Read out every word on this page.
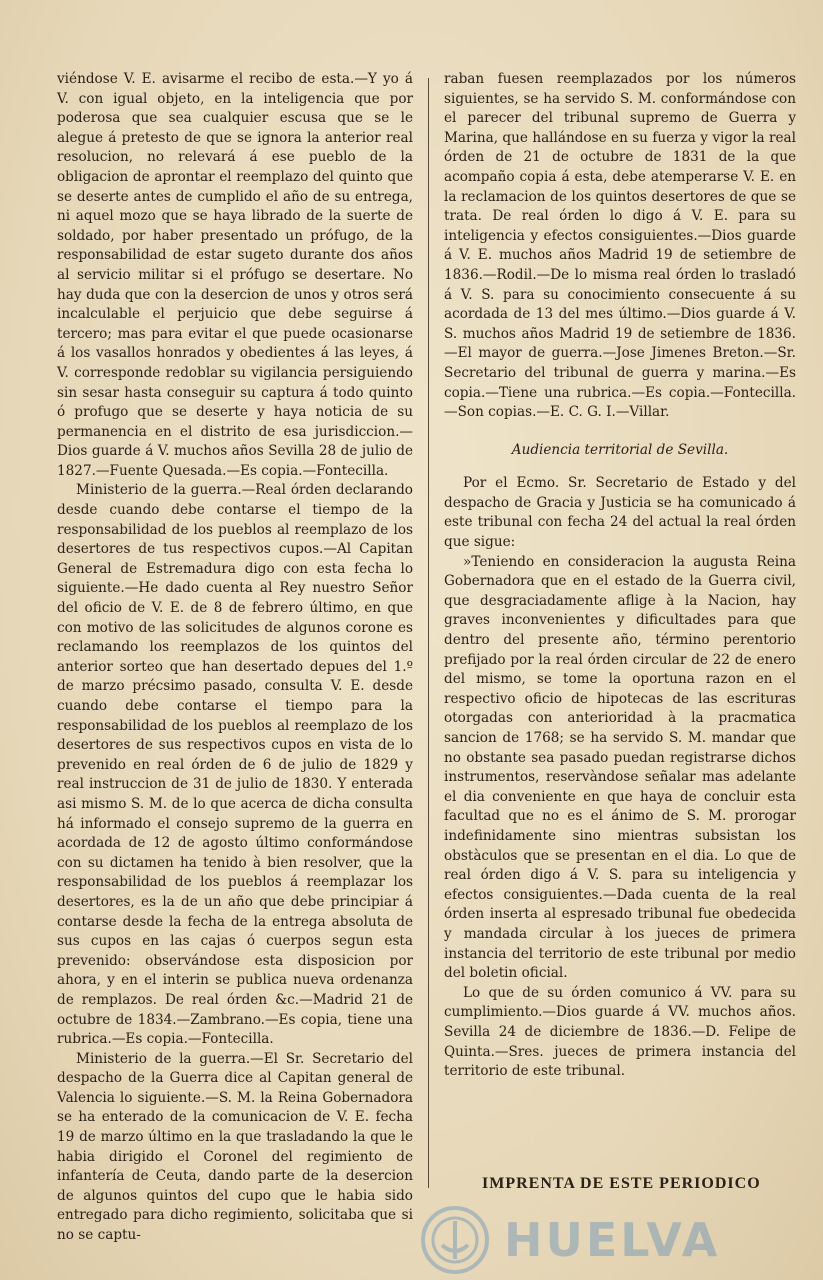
viéndose V. E. avisarme el recibo de esta.—Y yo á V. con igual objeto, en la inteligencia que por poderosa que sea cualquier escusa que se le alegue á pretesto de que se ignora la anterior real resolucion, no relevará á ese pueblo de la obligacion de aprontar el reemplazo del quinto que se deserte antes de cumplido el año de su entrega, ni aquel mozo que se haya librado de la suerte de soldado, por haber presentado un prófugo, de la responsabilidad de estar sugeto durante dos años al servicio militar si el prófugo se desertare. No hay duda que con la desercion de unos y otros será incalculable el perjuicio que debe seguirse á tercero; mas para evitar el que puede ocasionarse á los vasallos honrados y obedientes á las leyes, á V. corresponde redoblar su vigilancia persiguiendo sin sesar hasta conseguir su captura á todo quinto ó profugo que se deserte y haya noticia de su permanencia en el distrito de esa jurisdiccion.—Dios guarde á V. muchos años Sevilla 28 de julio de 1827.—Fuente Quesada.—Es copia.—Fontecilla.

Ministerio de la guerra.—Real órden declarando desde cuando debe contarse el tiempo de la responsabilidad de los pueblos al reemplazo de los desertores de tus respectivos cupos.—Al Capitan General de Estremadura digo con esta fecha lo siguiente.—He dado cuenta al Rey nuestro Señor del oficio de V. E. de 8 de febrero último, en que con motivo de las solicitudes de algunos corone es reclamando los reemplazos de los quintos del anterior sorteo que han desertado depues del 1.º de marzo précsimo pasado, consulta V. E. desde cuando debe contarse el tiempo para la responsabilidad de los pueblos al reemplazo de los desertores de sus respectivos cupos en vista de lo prevenido en real órden de 6 de julio de 1829 y real instruccion de 31 de julio de 1830. Y enterada asi mismo S. M. de lo que acerca de dicha consulta há informado el consejo supremo de la guerra en acordada de 12 de agosto último conformándose con su dictamen ha tenido à bien resolver, que la responsabilidad de los pueblos á reemplazar los desertores, es la de un año que debe principiar á contarse desde la fecha de la entrega absoluta de sus cupos en las cajas ó cuerpos segun esta prevenido: observándose esta disposicion por ahora, y en el interin se publica nueva ordenanza de remplazos. De real órden &c.—Madrid 21 de octubre de 1834.—Zambrano.—Es copia, tiene una rubrica.—Es copia.—Fontecilla.

Ministerio de la guerra.—El Sr. Secretario del despacho de la Guerra dice al Capitan general de Valencia lo siguiente.—S. M. la Reina Gobernadora se ha enterado de la comunicacion de V. E. fecha 19 de marzo último en la que trasladando la que le habia dirigido el Coronel del regimiento de infantería de Ceuta, dando parte de la desercion de algunos quintos del cupo que le habia sido entregado para dicho regimiento, solicitaba que si no se captu-

raban fuesen reemplazados por los números siguientes, se ha servido S. M. conformándose con el parecer del tribunal supremo de Guerra y Marina, que hallándose en su fuerza y vigor la real órden de 21 de octubre de 1831 de la que acompaño copia á esta, debe atemperarse V. E. en la reclamacion de los quintos desertores de que se trata. De real órden lo digo á V. E. para su inteligencia y efectos consiguientes.—Dios guarde á V. E. muchos años Madrid 19 de setiembre de 1836.—Rodil.—De lo misma real órden lo trasladó á V. S. para su conocimiento consecuente á su acordada de 13 del mes último.—Dios guarde á V. S. muchos años Madrid 19 de setiembre de 1836.—El mayor de guerra.—Jose Jimenes Breton.—Sr. Secretario del tribunal de guerra y marina.—Es copia.—Tiene una rubrica.—Es copia.—Fontecilla.—Son copias.—E. C. G. I.—Villar.

Audiencia territorial de Sevilla.

Por el Ecmo. Sr. Secretario de Estado y del despacho de Gracia y Justicia se ha comunicado á este tribunal con fecha 24 del actual la real órden que sigue:

»Teniendo en consideracion la augusta Reina Gobernadora que en el estado de la Guerra civil, que desgraciadamente aflige à la Nacion, hay graves inconvenientes y dificultades para que dentro del presente año, término perentorio prefijado por la real órden circular de 22 de enero del mismo, se tome la oportuna razon en el respectivo oficio de hipotecas de las escrituras otorgadas con anterioridad à la pracmatica sancion de 1768; se ha servido S. M. mandar que no obstante sea pasado puedan registrarse dichos instrumentos, reservàndose señalar mas adelante el dia conveniente en que haya de concluir esta facultad que no es el ánimo de S. M. prorogar indefinidamente sino mientras subsistan los obstàculos que se presentan en el dia. Lo que de real órden digo á V. S. para su inteligencia y efectos consiguientes.—Dada cuenta de la real órden inserta al espresado tribunal fue obedecida y mandada circular à los jueces de primera instancia del territorio de este tribunal por medio del boletin oficial.

Lo que de su órden comunico á VV. para su cumplimiento.—Dios guarde á VV. muchos años. Sevilla 24 de diciembre de 1836.—D. Felipe de Quinta.—Sres. jueces de primera instancia del territorio de este tribunal.

IMPRENTA DE ESTE PERIODICO
HUELVA
